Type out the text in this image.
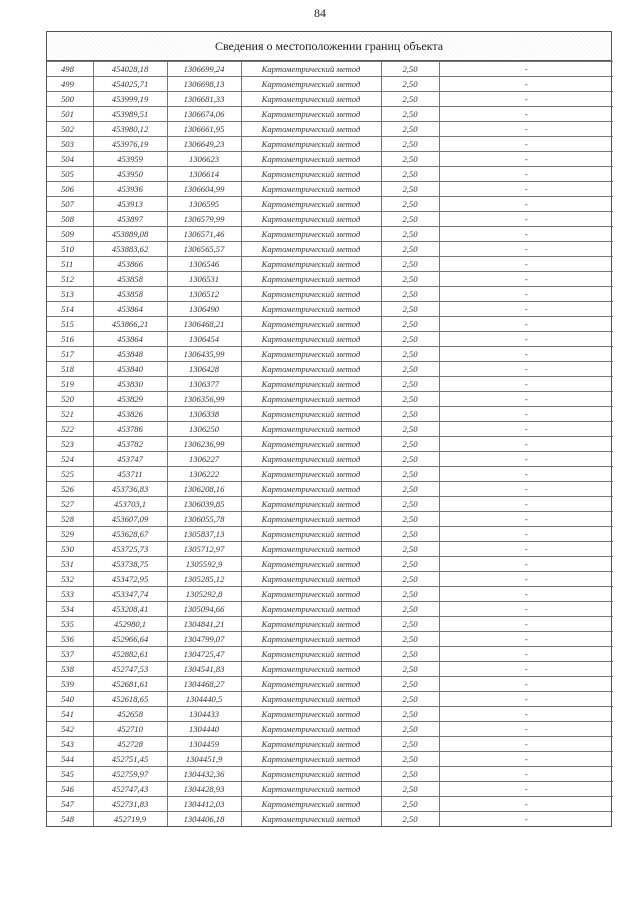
84
Сведения о местоположении границ объекта
498	454028,18	1306699,24	Картометрический метод	2,50	-
499	454025,71	1306698,13	Картометрический метод	2,50	-
500	453999,19	1306681,33	Картометрический метод	2,50	-
501	453989,51	1306674,06	Картометрический метод	2,50	-
502	453980,12	1306661,95	Картометрический метод	2,50	-
503	453976,19	1306649,23	Картометрический метод	2,50	-
504	453959	1306623	Картометрический метод	2,50	-
505	453950	1306614	Картометрический метод	2,50	-
506	453936	1306604,99	Картометрический метод	2,50	-
507	453913	1306595	Картометрический метод	2,50	-
508	453897	1306579,99	Картометрический метод	2,50	-
509	453889,08	1306571,46	Картометрический метод	2,50	-
510	453883,62	1306565,57	Картометрический метод	2,50	-
511	453866	1306546	Картометрический метод	2,50	-
512	453858	1306531	Картометрический метод	2,50	-
513	453858	1306512	Картометрический метод	2,50	-
514	453864	1306490	Картометрический метод	2,50	-
515	453866,21	1306468,21	Картометрический метод	2,50	-
516	453864	1306454	Картометрический метод	2,50	-
517	453848	1306435,99	Картометрический метод	2,50	-
518	453840	1306428	Картометрический метод	2,50	-
519	453830	1306377	Картометрический метод	2,50	-
520	453829	1306356,99	Картометрический метод	2,50	-
521	453826	1306338	Картометрический метод	2,50	-
522	453786	1306250	Картометрический метод	2,50	-
523	453782	1306236,99	Картометрический метод	2,50	-
524	453747	1306227	Картометрический метод	2,50	-
525	453711	1306222	Картометрический метод	2,50	-
526	453736,83	1306208,16	Картометрический метод	2,50	-
527	453703,1	1306039,85	Картометрический метод	2,50	-
528	453607,09	1306055,78	Картометрический метод	2,50	-
529	453628,67	1305837,13	Картометрический метод	2,50	-
530	453725,73	1305712,97	Картометрический метод	2,50	-
531	453738,75	1305592,9	Картометрический метод	2,50	-
532	453472,95	1305285,12	Картометрический метод	2,50	-
533	453347,74	1305292,8	Картометрический метод	2,50	-
534	453208,41	1305094,66	Картометрический метод	2,50	-
535	452980,1	1304841,21	Картометрический метод	2,50	-
536	452966,64	1304799,07	Картометрический метод	2,50	-
537	452882,61	1304725,47	Картометрический метод	2,50	-
538	452747,53	1304541,83	Картометрический метод	2,50	-
539	452681,61	1304468,27	Картометрический метод	2,50	-
540	452618,65	1304440,5	Картометрический метод	2,50	-
541	452658	1304433	Картометрический метод	2,50	-
542	452710	1304440	Картометрический метод	2,50	-
543	452728	1304459	Картометрический метод	2,50	-
544	452751,45	1304451,9	Картометрический метод	2,50	-
545	452759,97	1304432,36	Картометрический метод	2,50	-
546	452747,43	1304428,93	Картометрический метод	2,50	-
547	452731,83	1304412,03	Картометрический метод	2,50	-
548	452719,9	1304406,18	Картометрический метод	2,50	-
